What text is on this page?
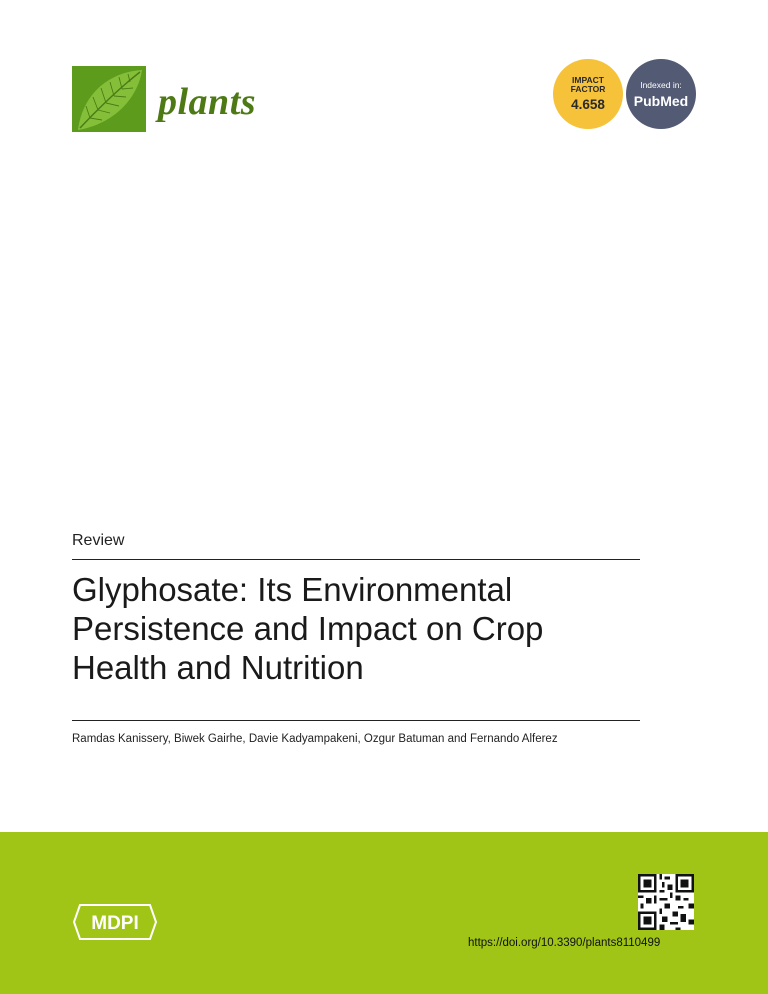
plants
IMPACT
FACTOR
4.658
Indexed in:
PubMed
Review
Glyphosate: Its Environmental
Persistence and Impact on Crop
Health and Nutrition
Ramdas Kanissery, Biwek Gairhe, Davie Kadyampakeni, Ozgur Batuman and Fernando Alferez
MDPI
https://doi.org/10.3390/plants8110499
